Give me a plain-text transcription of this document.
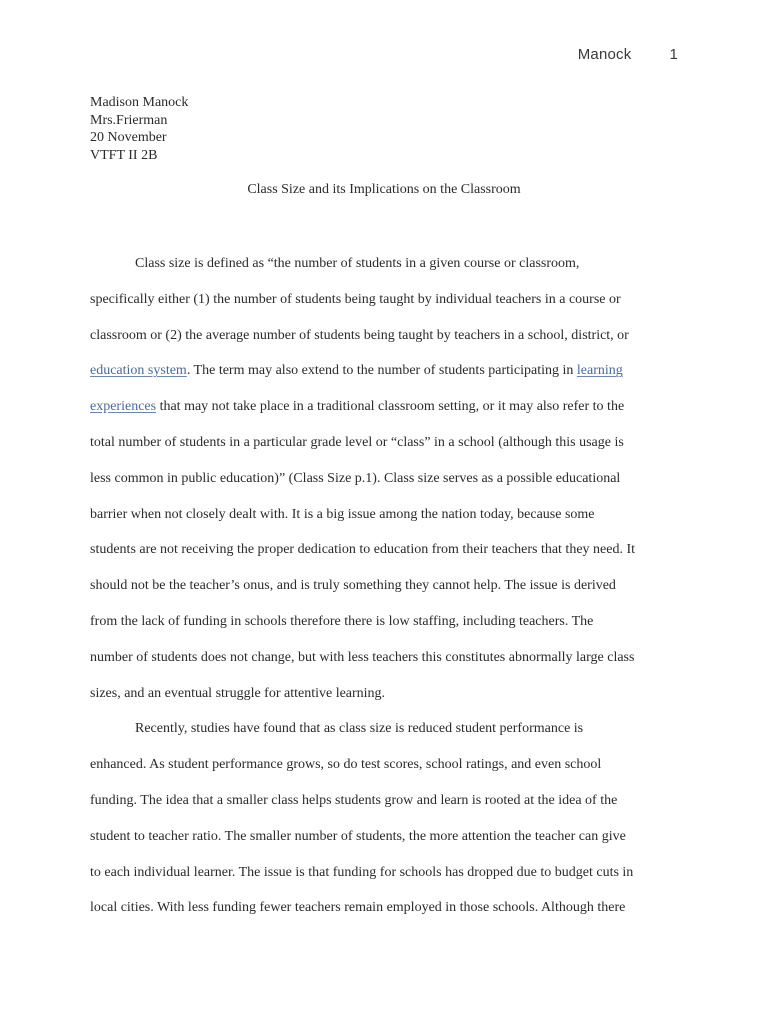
Manock	1
Madison Manock
Mrs.Frierman
20 November
VTFT II 2B
Class Size and its Implications on the Classroom
Class size is defined as “the number of students in a given course or classroom,
specifically either (1) the number of students being taught by individual teachers in a course or
classroom or (2) the average number of students being taught by teachers in a school, district, or
education system. The term may also extend to the number of students participating in learning
experiences that may not take place in a traditional classroom setting, or it may also refer to the
total number of students in a particular grade level or “class” in a school (although this usage is
less common in public education)” (Class Size p.1). Class size serves as a possible educational
barrier when not closely dealt with. It is a big issue among the nation today, because some
students are not receiving the proper dedication to education from their teachers that they need. It
should not be the teacher’s onus, and is truly something they cannot help. The issue is derived
from the lack of funding in schools therefore there is low staffing, including teachers. The
number of students does not change, but with less teachers this constitutes abnormally large class
sizes, and an eventual struggle for attentive learning.
Recently, studies have found that as class size is reduced student performance is
enhanced. As student performance grows, so do test scores, school ratings, and even school
funding. The idea that a smaller class helps students grow and learn is rooted at the idea of the
student to teacher ratio. The smaller number of students, the more attention the teacher can give
to each individual learner. The issue is that funding for schools has dropped due to budget cuts in
local cities. With less funding fewer teachers remain employed in those schools. Although there
